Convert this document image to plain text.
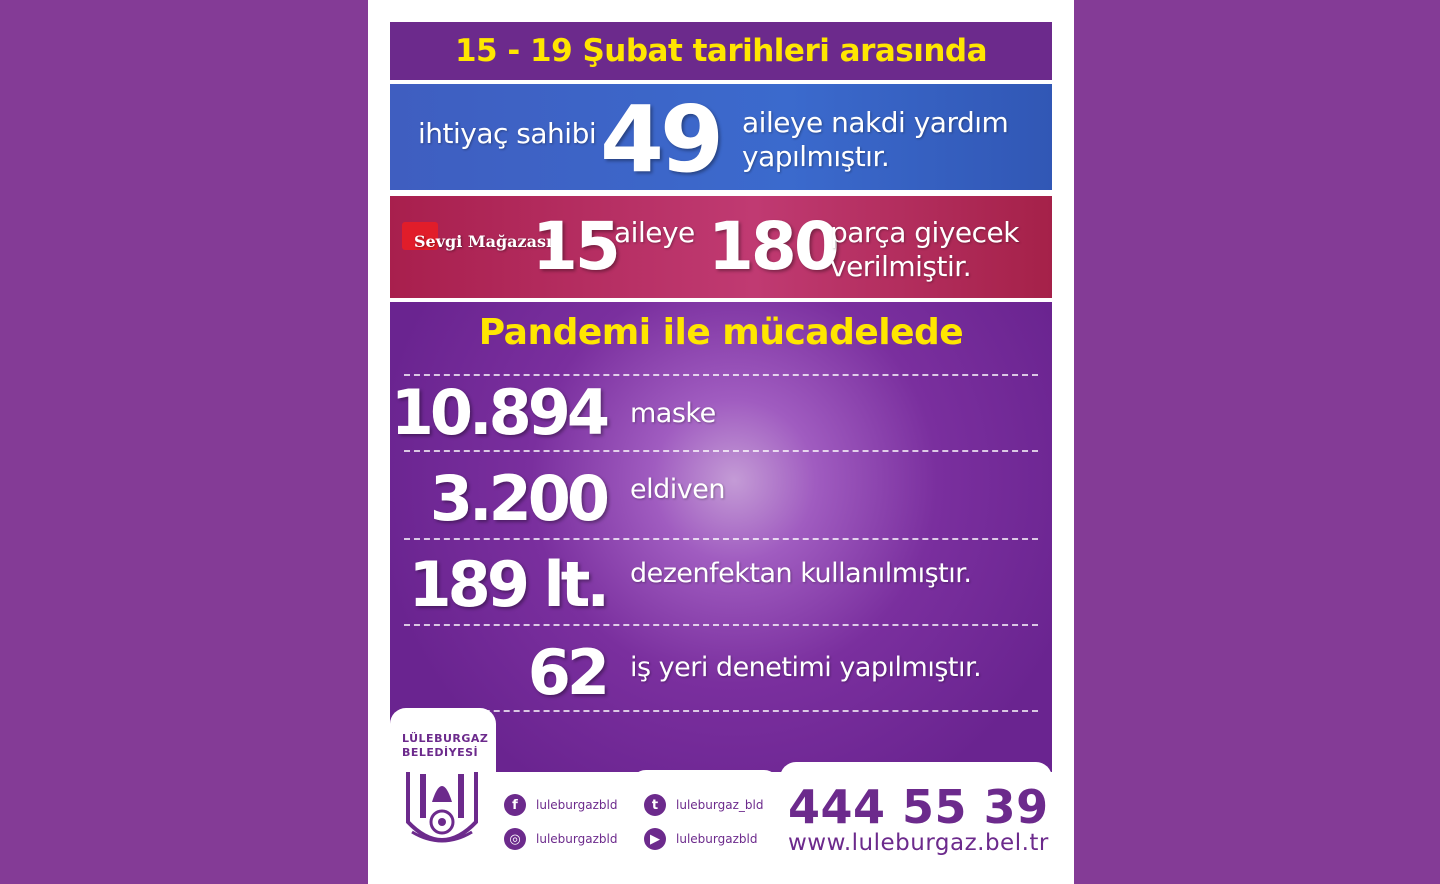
15 - 19 Şubat tarihleri arasında
ihtiyaç sahibi 49 aileye nakdi yardım
yapılmıştır.
Sevgi Mağazası
15
aileye 180
parça giyecek
verilmiştir.
Pandemi ile mücadelede
10.894 maske
3.200 eldiven
189 lt. dezenfektan kullanılmıştır.
62 iş yeri denetimi yapılmıştır.
LÜLEBURGAZ
BELEDİYESİ
f	luleburgazbld	t	luleburgaz_bld
◎	luleburgazbld	▶	luleburgazbld
444 55 39
www.luleburgaz.bel.tr
